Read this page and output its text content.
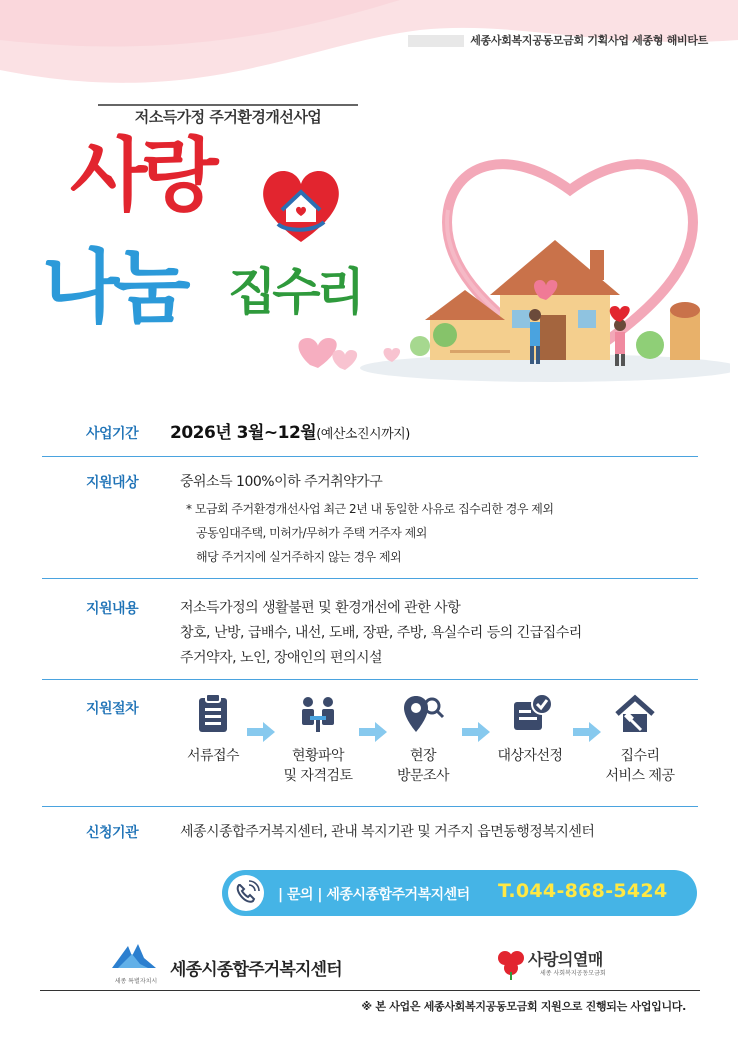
세종사회복지공동모금회 기획사업 세종형 해비타트
저소득가정 주거환경개선사업
사랑
나눔 집수리
사업기간 2026년 3월~12월(예산소진시까지)
지원대상	중위소득 100%이하 주거취약가구
* 모금회 주거환경개선사업 최근 2년 내 동일한 사유로 집수리한 경우 제외
공동임대주택, 미허가/무허가 주택 거주자 제외
해당 주거지에 실거주하지 않는 경우 제외
지원내용	저소득가정의 생활불편 및 환경개선에 관한 사항
창호, 난방, 급배수, 내선, 도배, 장판, 주방, 욕실수리 등의 긴급집수리
주거약자, 노인, 장애인의 편의시설
지원절차
서류접수	현황파악
및 자격검토
현장
방문조사
대상자선정	집수리
서비스 제공
신청기관	세종시종합주거복지센터, 관내 복지기관 및 거주지 읍면동행정복지센터
| 문의 | 세종시종합주거복지센터 T.044-868-5424
세종 특별자치시
세종시종합주거복지센터
사랑의열매
세종 사회복지공동모금회
※ 본 사업은 세종사회복지공동모금회 지원으로 진행되는 사업입니다.
